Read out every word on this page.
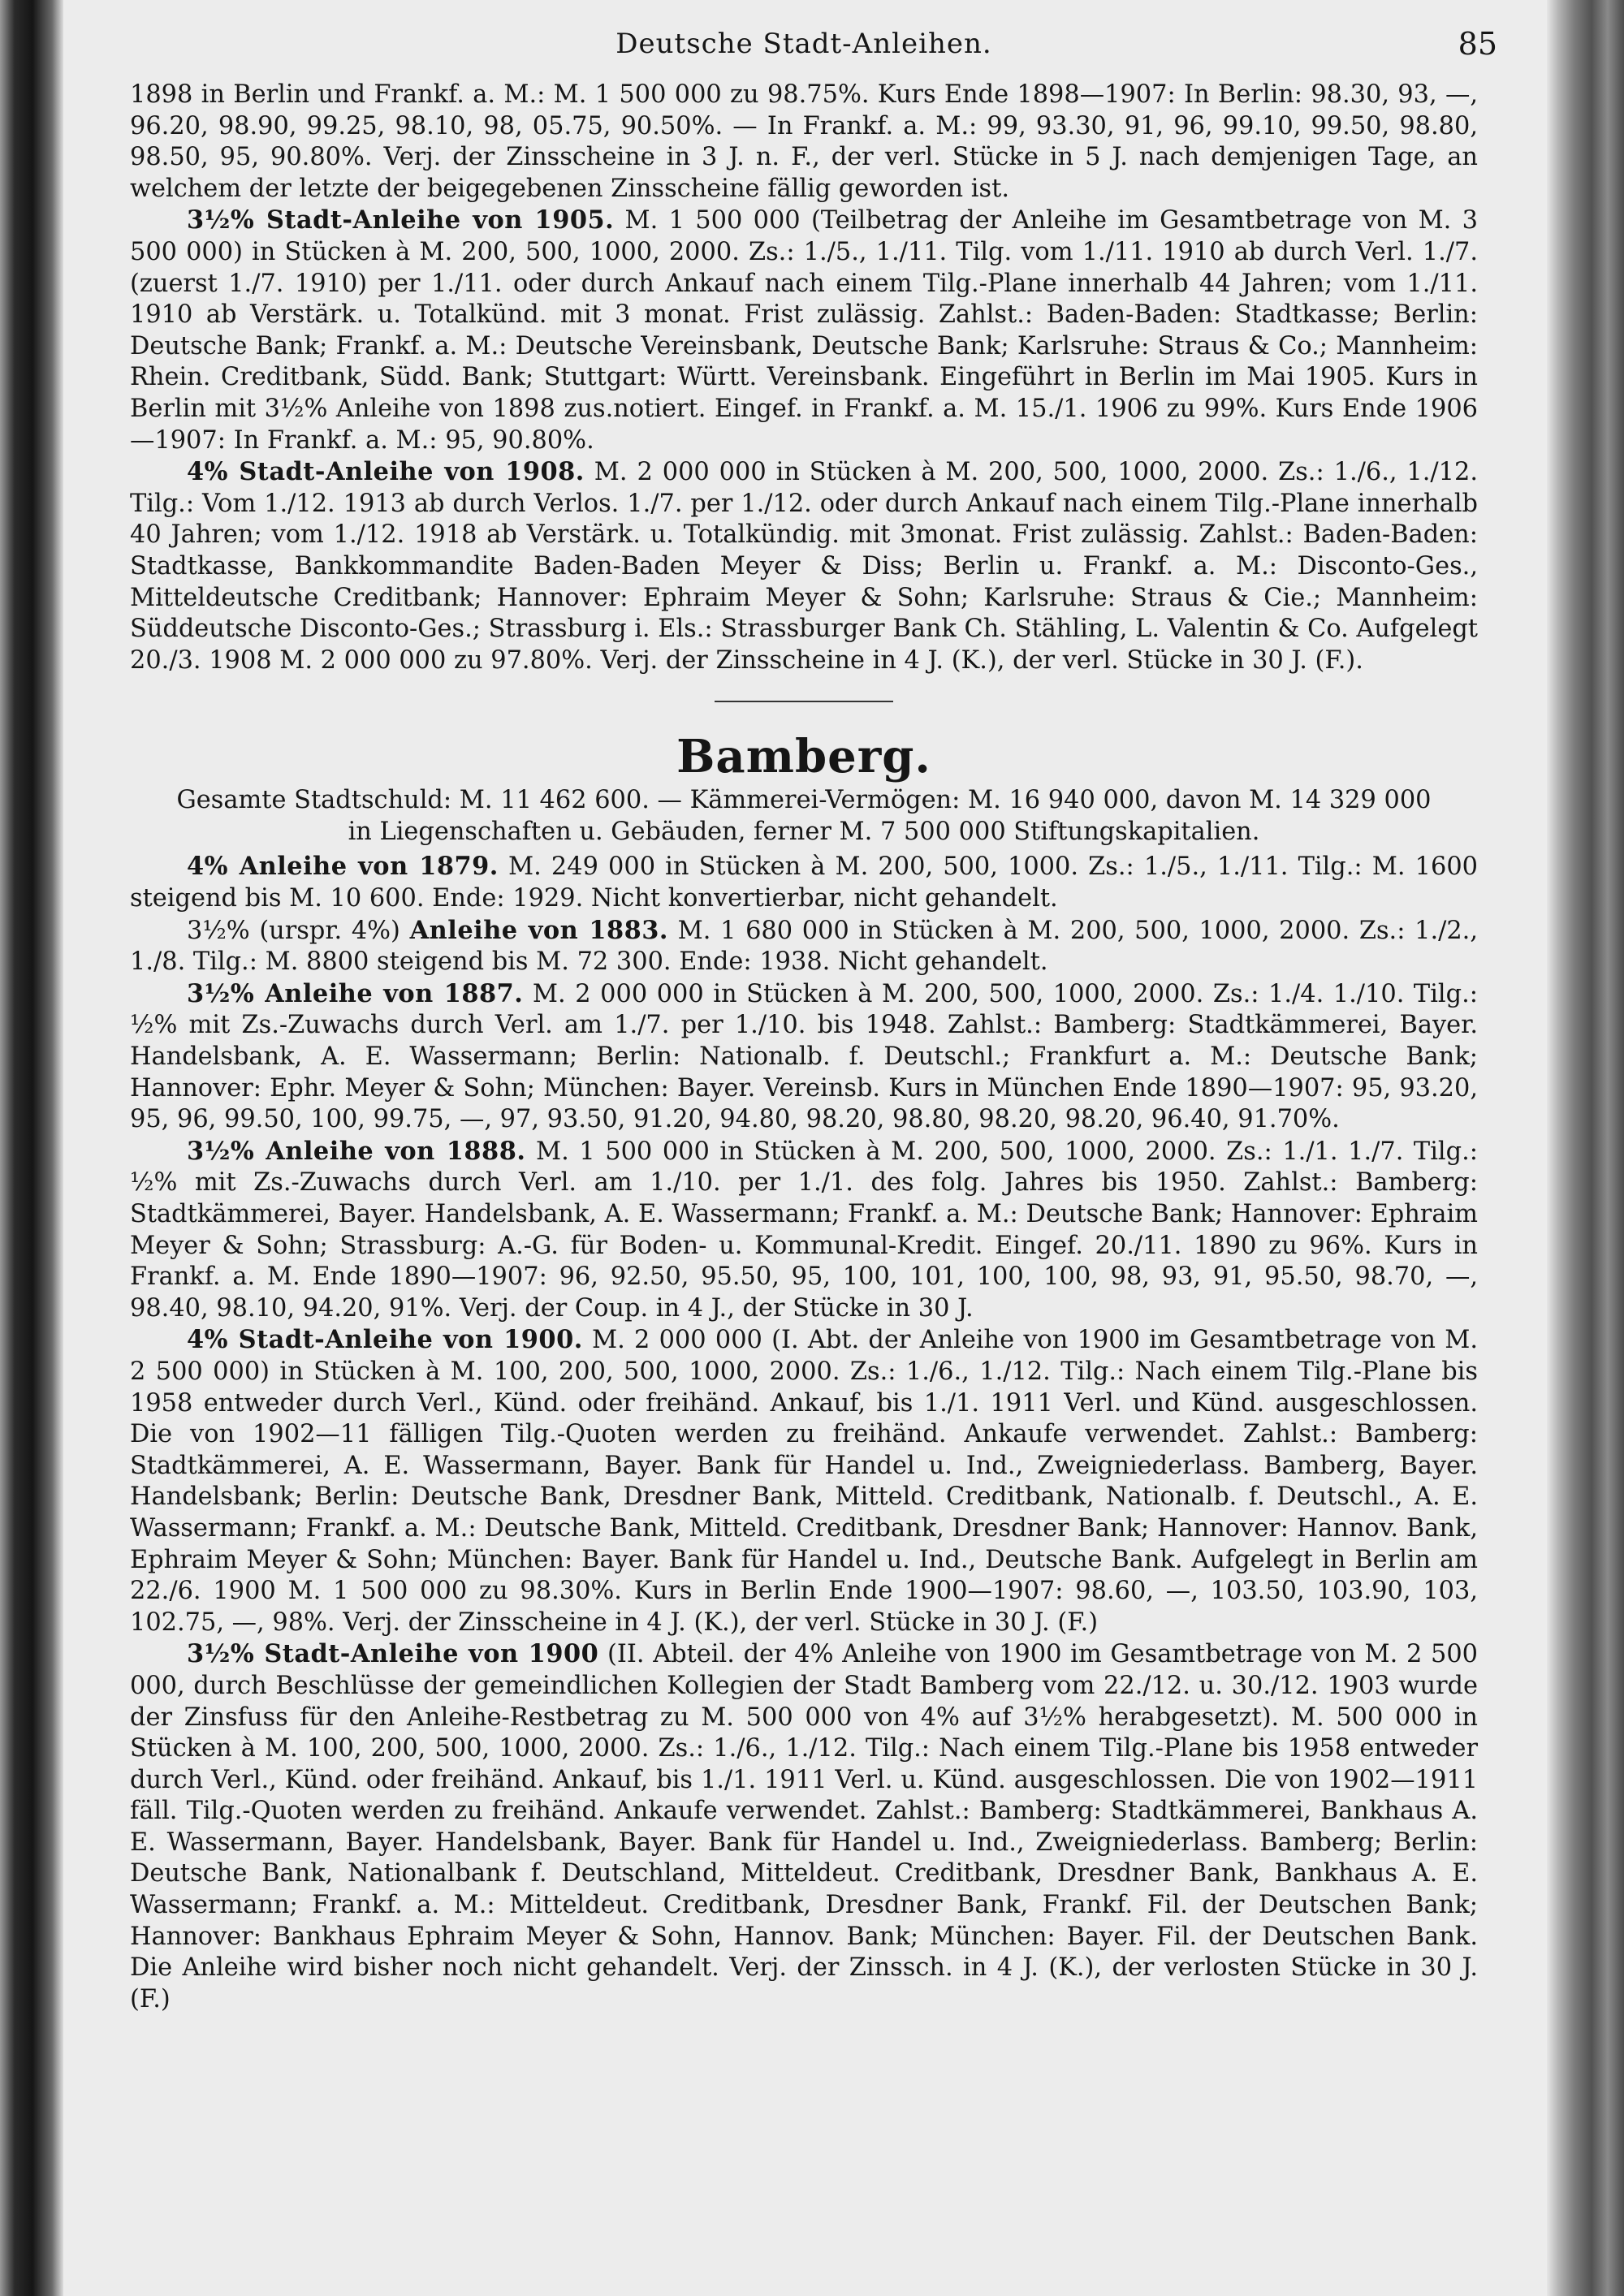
Deutsche Stadt-Anleihen.	85

1898 in Berlin und Frankf. a. M.: M. 1 500 000 zu 98.75%. Kurs Ende 1898—1907: In Berlin: 98.30, 93, —, 96.20, 98.90, 99.25, 98.10, 98, 05.75, 90.50%. — In Frankf. a. M.: 99, 93.30, 91, 96, 99.10, 99.50, 98.80, 98.50, 95, 90.80%. Verj. der Zinsscheine in 3 J. n. F., der verl. Stücke in 5 J. nach demjenigen Tage, an welchem der letzte der beigegebenen Zinsscheine fällig geworden ist.

3½% Stadt-Anleihe von 1905. M. 1 500 000 (Teilbetrag der Anleihe im Gesamtbetrage von M. 3 500 000) in Stücken à M. 200, 500, 1000, 2000. Zs.: 1./5., 1./11. Tilg. vom 1./11. 1910 ab durch Verl. 1./7. (zuerst 1./7. 1910) per 1./11. oder durch Ankauf nach einem Tilg.-Plane innerhalb 44 Jahren; vom 1./11. 1910 ab Verstärk. u. Totalkünd. mit 3 monat. Frist zulässig. Zahlst.: Baden-Baden: Stadtkasse; Berlin: Deutsche Bank; Frankf. a. M.: Deutsche Vereinsbank, Deutsche Bank; Karlsruhe: Straus & Co.; Mannheim: Rhein. Creditbank, Südd. Bank; Stuttgart: Württ. Vereinsbank. Eingeführt in Berlin im Mai 1905. Kurs in Berlin mit 3½% Anleihe von 1898 zus.notiert. Eingef. in Frankf. a. M. 15./1. 1906 zu 99%. Kurs Ende 1906—1907: In Frankf. a. M.: 95, 90.80%.

4% Stadt-Anleihe von 1908. M. 2 000 000 in Stücken à M. 200, 500, 1000, 2000. Zs.: 1./6., 1./12. Tilg.: Vom 1./12. 1913 ab durch Verlos. 1./7. per 1./12. oder durch Ankauf nach einem Tilg.-Plane innerhalb 40 Jahren; vom 1./12. 1918 ab Verstärk. u. Totalkündig. mit 3monat. Frist zulässig. Zahlst.: Baden-Baden: Stadtkasse, Bankkommandite Baden-Baden Meyer & Diss; Berlin u. Frankf. a. M.: Disconto-Ges., Mitteldeutsche Creditbank; Hannover: Ephraim Meyer & Sohn; Karlsruhe: Straus & Cie.; Mannheim: Süddeutsche Disconto-Ges.; Strassburg i. Els.: Strassburger Bank Ch. Stähling, L. Valentin & Co. Aufgelegt 20./3. 1908 M. 2 000 000 zu 97.80%. Verj. der Zinsscheine in 4 J. (K.), der verl. Stücke in 30 J. (F.).

Bamberg.
Gesamte Stadtschuld: M. 11 462 600. — Kämmerei-Vermögen: M. 16 940 000, davon M. 14 329 000
in Liegenschaften u. Gebäuden, ferner M. 7 500 000 Stiftungskapitalien.

4% Anleihe von 1879. M. 249 000 in Stücken à M. 200, 500, 1000. Zs.: 1./5., 1./11. Tilg.: M. 1600 steigend bis M. 10 600. Ende: 1929. Nicht konvertierbar, nicht gehandelt.

3½% (urspr. 4%) Anleihe von 1883. M. 1 680 000 in Stücken à M. 200, 500, 1000, 2000. Zs.: 1./2., 1./8. Tilg.: M. 8800 steigend bis M. 72 300. Ende: 1938. Nicht gehandelt.

3½% Anleihe von 1887. M. 2 000 000 in Stücken à M. 200, 500, 1000, 2000. Zs.: 1./4. 1./10. Tilg.: ½% mit Zs.-Zuwachs durch Verl. am 1./7. per 1./10. bis 1948. Zahlst.: Bamberg: Stadtkämmerei, Bayer. Handelsbank, A. E. Wassermann; Berlin: Nationalb. f. Deutschl.; Frankfurt a. M.: Deutsche Bank; Hannover: Ephr. Meyer & Sohn; München: Bayer. Vereinsb. Kurs in München Ende 1890—1907: 95, 93.20, 95, 96, 99.50, 100, 99.75, —, 97, 93.50, 91.20, 94.80, 98.20, 98.80, 98.20, 98.20, 96.40, 91.70%.

3½% Anleihe von 1888. M. 1 500 000 in Stücken à M. 200, 500, 1000, 2000. Zs.: 1./1. 1./7. Tilg.: ½% mit Zs.-Zuwachs durch Verl. am 1./10. per 1./1. des folg. Jahres bis 1950. Zahlst.: Bamberg: Stadtkämmerei, Bayer. Handelsbank, A. E. Wassermann; Frankf. a. M.: Deutsche Bank; Hannover: Ephraim Meyer & Sohn; Strassburg: A.-G. für Boden- u. Kommunal-Kredit. Eingef. 20./11. 1890 zu 96%. Kurs in Frankf. a. M. Ende 1890—1907: 96, 92.50, 95.50, 95, 100, 101, 100, 100, 98, 93, 91, 95.50, 98.70, —, 98.40, 98.10, 94.20, 91%. Verj. der Coup. in 4 J., der Stücke in 30 J.

4% Stadt-Anleihe von 1900. M. 2 000 000 (I. Abt. der Anleihe von 1900 im Gesamtbetrage von M. 2 500 000) in Stücken à M. 100, 200, 500, 1000, 2000. Zs.: 1./6., 1./12. Tilg.: Nach einem Tilg.-Plane bis 1958 entweder durch Verl., Künd. oder freihänd. Ankauf, bis 1./1. 1911 Verl. und Künd. ausgeschlossen. Die von 1902—11 fälligen Tilg.-Quoten werden zu freihänd. Ankaufe verwendet. Zahlst.: Bamberg: Stadtkämmerei, A. E. Wassermann, Bayer. Bank für Handel u. Ind., Zweigniederlass. Bamberg, Bayer. Handelsbank; Berlin: Deutsche Bank, Dresdner Bank, Mitteld. Creditbank, Nationalb. f. Deutschl., A. E. Wassermann; Frankf. a. M.: Deutsche Bank, Mitteld. Creditbank, Dresdner Bank; Hannover: Hannov. Bank, Ephraim Meyer & Sohn; München: Bayer. Bank für Handel u. Ind., Deutsche Bank. Aufgelegt in Berlin am 22./6. 1900 M. 1 500 000 zu 98.30%. Kurs in Berlin Ende 1900—1907: 98.60, —, 103.50, 103.90, 103, 102.75, —, 98%. Verj. der Zinsscheine in 4 J. (K.), der verl. Stücke in 30 J. (F.)

3½% Stadt-Anleihe von 1900 (II. Abteil. der 4% Anleihe von 1900 im Gesamtbetrage von M. 2 500 000, durch Beschlüsse der gemeindlichen Kollegien der Stadt Bamberg vom 22./12. u. 30./12. 1903 wurde der Zinsfuss für den Anleihe-Restbetrag zu M. 500 000 von 4% auf 3½% herabgesetzt). M. 500 000 in Stücken à M. 100, 200, 500, 1000, 2000. Zs.: 1./6., 1./12. Tilg.: Nach einem Tilg.-Plane bis 1958 entweder durch Verl., Künd. oder freihänd. Ankauf, bis 1./1. 1911 Verl. u. Künd. ausgeschlossen. Die von 1902—1911 fäll. Tilg.-Quoten werden zu freihänd. Ankaufe verwendet. Zahlst.: Bamberg: Stadtkämmerei, Bankhaus A. E. Wassermann, Bayer. Handelsbank, Bayer. Bank für Handel u. Ind., Zweigniederlass. Bamberg; Berlin: Deutsche Bank, Nationalbank f. Deutschland, Mitteldeut. Creditbank, Dresdner Bank, Bankhaus A. E. Wassermann; Frankf. a. M.: Mitteldeut. Creditbank, Dresdner Bank, Frankf. Fil. der Deutschen Bank; Hannover: Bankhaus Ephraim Meyer & Sohn, Hannov. Bank; München: Bayer. Fil. der Deutschen Bank. Die Anleihe wird bisher noch nicht gehandelt. Verj. der Zinssch. in 4 J. (K.), der verlosten Stücke in 30 J. (F.)
